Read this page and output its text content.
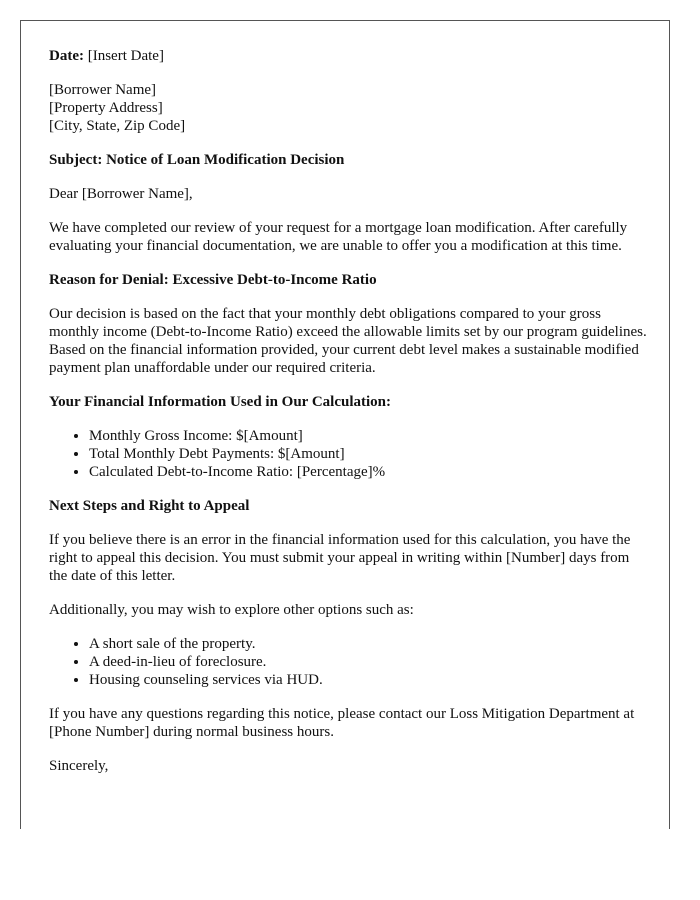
Date: [Insert Date]

[Borrower Name]
[Property Address]
[City, State, Zip Code]

Subject: Notice of Loan Modification Decision

Dear [Borrower Name],

We have completed our review of your request for a mortgage loan modification. After carefully evaluating your financial documentation, we are unable to offer you a modification at this time.

Reason for Denial: Excessive Debt-to-Income Ratio

Our decision is based on the fact that your monthly debt obligations compared to your gross monthly income (Debt-to-Income Ratio) exceed the allowable limits set by our program guidelines. Based on the financial information provided, your current debt level makes a sustainable modified payment plan unaffordable under our required criteria.

Your Financial Information Used in Our Calculation:

• Monthly Gross Income: $[Amount]
• Total Monthly Debt Payments: $[Amount]
• Calculated Debt-to-Income Ratio: [Percentage]%

Next Steps and Right to Appeal

If you believe there is an error in the financial information used for this calculation, you have the right to appeal this decision. You must submit your appeal in writing within [Number] days from the date of this letter.

Additionally, you may wish to explore other options such as:

• A short sale of the property.
• A deed-in-lieu of foreclosure.
• Housing counseling services via HUD.

If you have any questions regarding this notice, please contact our Loss Mitigation Department at [Phone Number] during normal business hours.

Sincerely,
